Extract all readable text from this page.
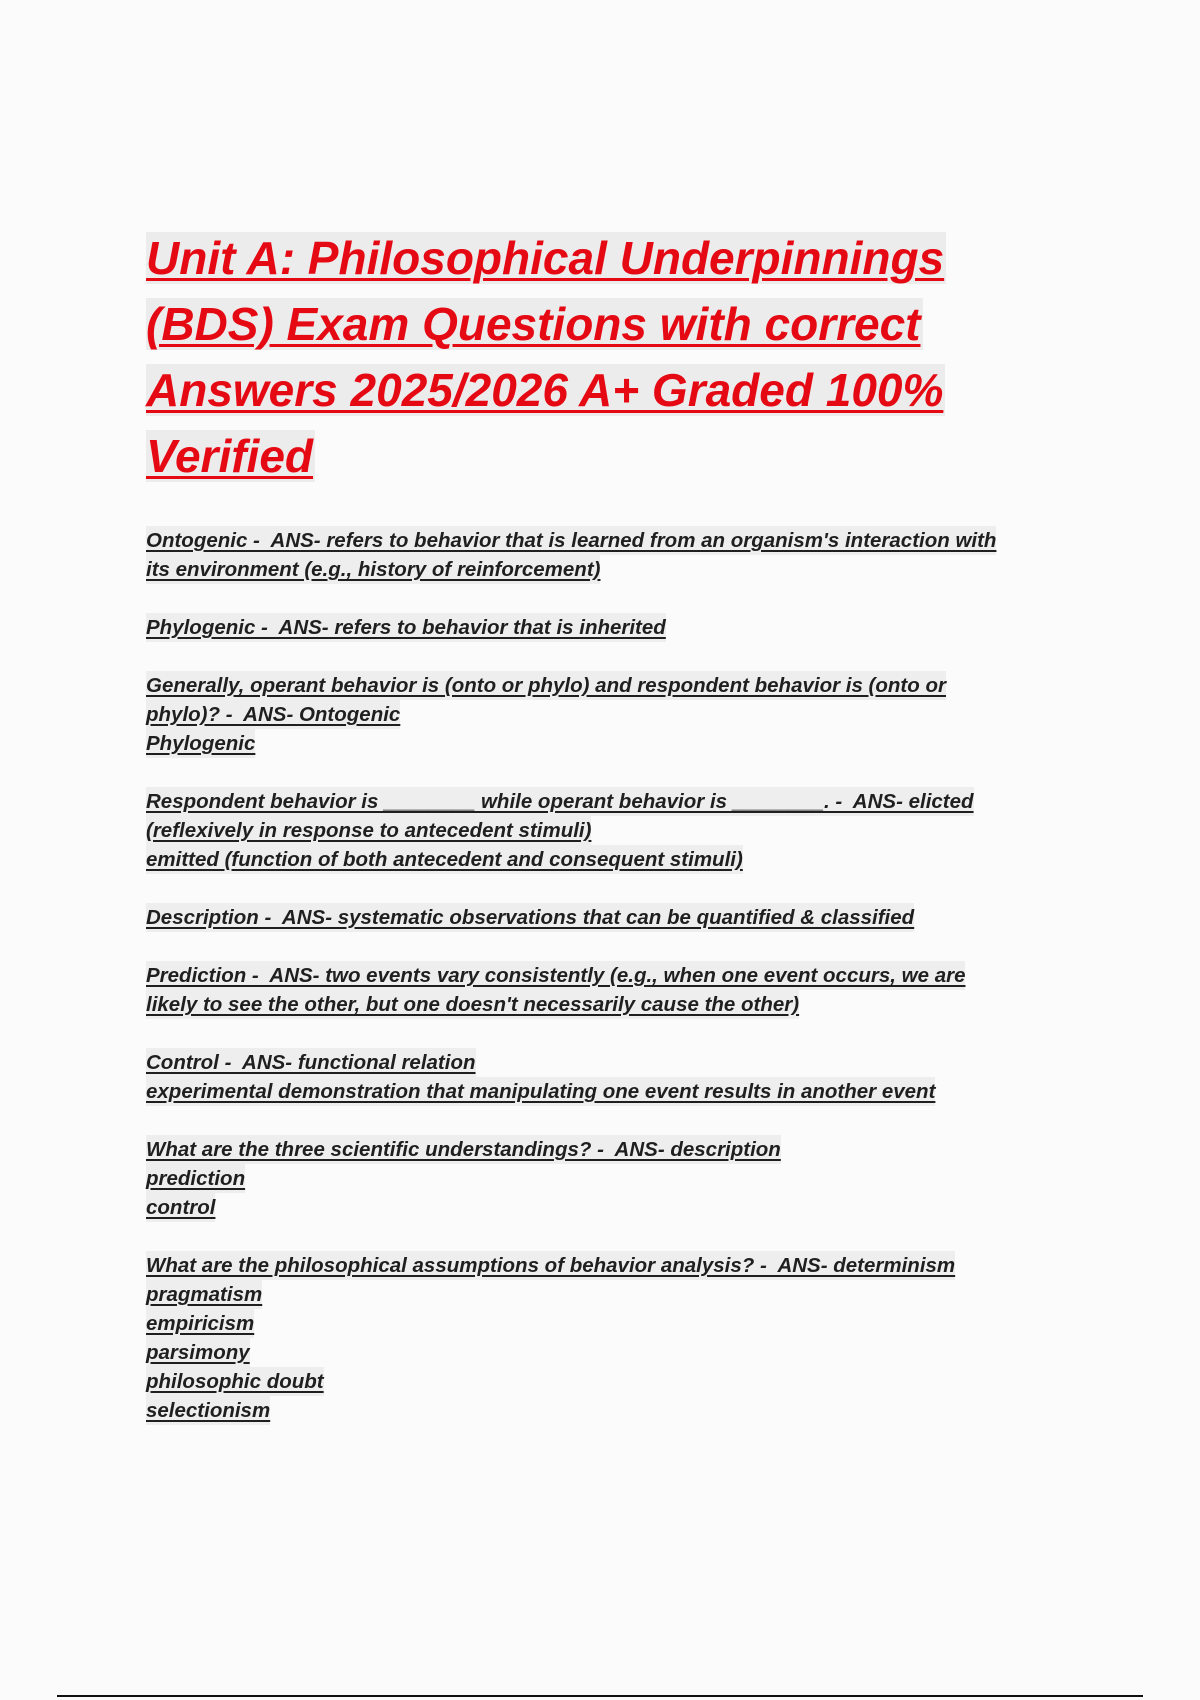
Unit A: Philosophical Underpinnings
(BDS) Exam Questions with correct
Answers 2025/2026 A+ Graded 100%
Verified
Ontogenic -  ANS- refers to behavior that is learned from an organism's interaction with
its environment (e.g., history of reinforcement)
Phylogenic -  ANS- refers to behavior that is inherited
Generally, operant behavior is (onto or phylo) and respondent behavior is (onto or
phylo)? -  ANS- Ontogenic
Phylogenic
Respondent behavior is ________ while operant behavior is ________. -  ANS- elicted
(reflexively in response to antecedent stimuli)
emitted (function of both antecedent and consequent stimuli)
Description -  ANS- systematic observations that can be quantified & classified
Prediction -  ANS- two events vary consistently (e.g., when one event occurs, we are
likely to see the other, but one doesn't necessarily cause the other)
Control -  ANS- functional relation
experimental demonstration that manipulating one event results in another event
What are the three scientific understandings? -  ANS- description
prediction
control
What are the philosophical assumptions of behavior analysis? -  ANS- determinism
pragmatism
empiricism
parsimony
philosophic doubt
selectionism
